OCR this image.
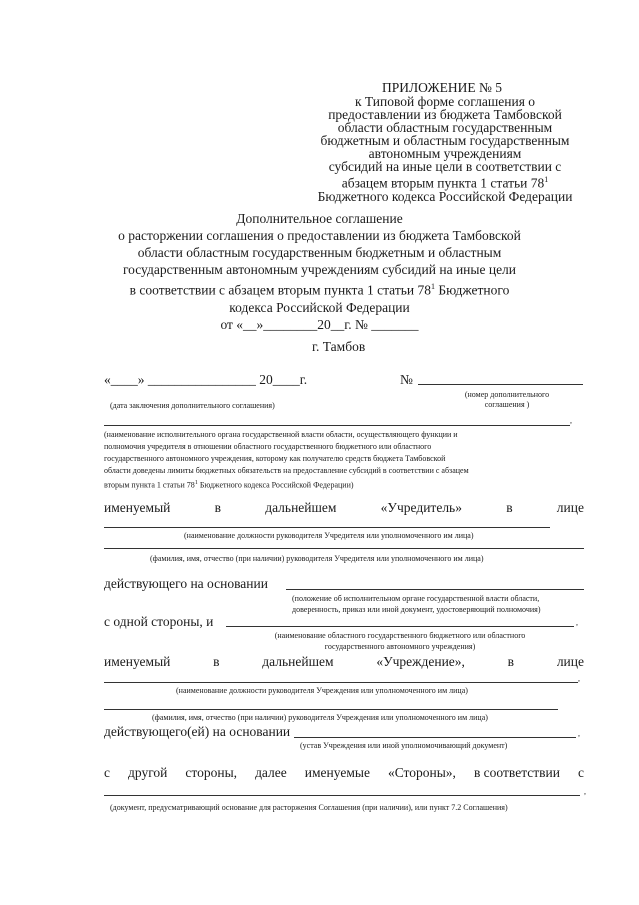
ПРИЛОЖЕНИЕ № 5
к Типовой форме соглашения о
предоставлении из бюджета Тамбовской
области областным государственным
бюджетным и областным государственным
автономным учреждениям
субсидий на иные цели в соответствии с
абзацем вторым пункта 1 статьи $78^1$
Бюджетного кодекса Российской Федерации
Дополнительное соглашение
о расторжении соглашения о предоставлении из бюджета Тамбовской
области областным государственным бюджетным и областным
государственным автономным учреждениям субсидий на иные цели
в соответствии с абзацем вторым пункта 1 статьи $78^1$ Бюджетного
кодекса Российской Федерации
от «__»________20__г. № _______
г. Тамбов
«____» ________________ 20____г.	№
(номер дополнительного
соглашения )
(дата заключения дополнительного соглашения)
,
(наименование исполнительного органа государственной власти области, осуществляющего функции и
полномочия учредителя в отношении областного государственного бюджетного или областного
государственного автономного учреждения, которому как получателю средств бюджета Тамбовской
области доведены лимиты бюджетных обязательств на предоставление субсидий в соответствии с абзацем
вторым пункта 1 статьи $78^1$ Бюджетного кодекса Российской Федерации)
именуемый	в	дальнейшем	«Учредитель»	в	лице
(наименование должности руководителя Учредителя или уполномоченного им лица)
(фамилия, имя, отчество (при наличии) руководителя Учредителя или уполномоченного им лица)
действующего на основании
(положение об исполнительном органе государственной власти области,
доверенность, приказ или иной документ, удостоверяющий полномочия)
с одной стороны, и	,
(наименование областного государственного бюджетного или областного
государственного автономного учреждения)
именуемый	в	дальнейшем	«Учреждение»,	в	лице
,
(наименование должности руководителя Учреждения или уполномоченного им лица)
(фамилия, имя, отчество (при наличии) руководителя Учреждения или уполномоченного им лица)
действующего(ей) на основании	,
(устав Учреждения или иной уполномочивающий документ)
с другой стороны, далее именуемые «Стороны», в соответствии с
,
(документ, предусматривающий основание для расторжения Соглашения (при наличии), или пункт 7.2 Соглашения)
